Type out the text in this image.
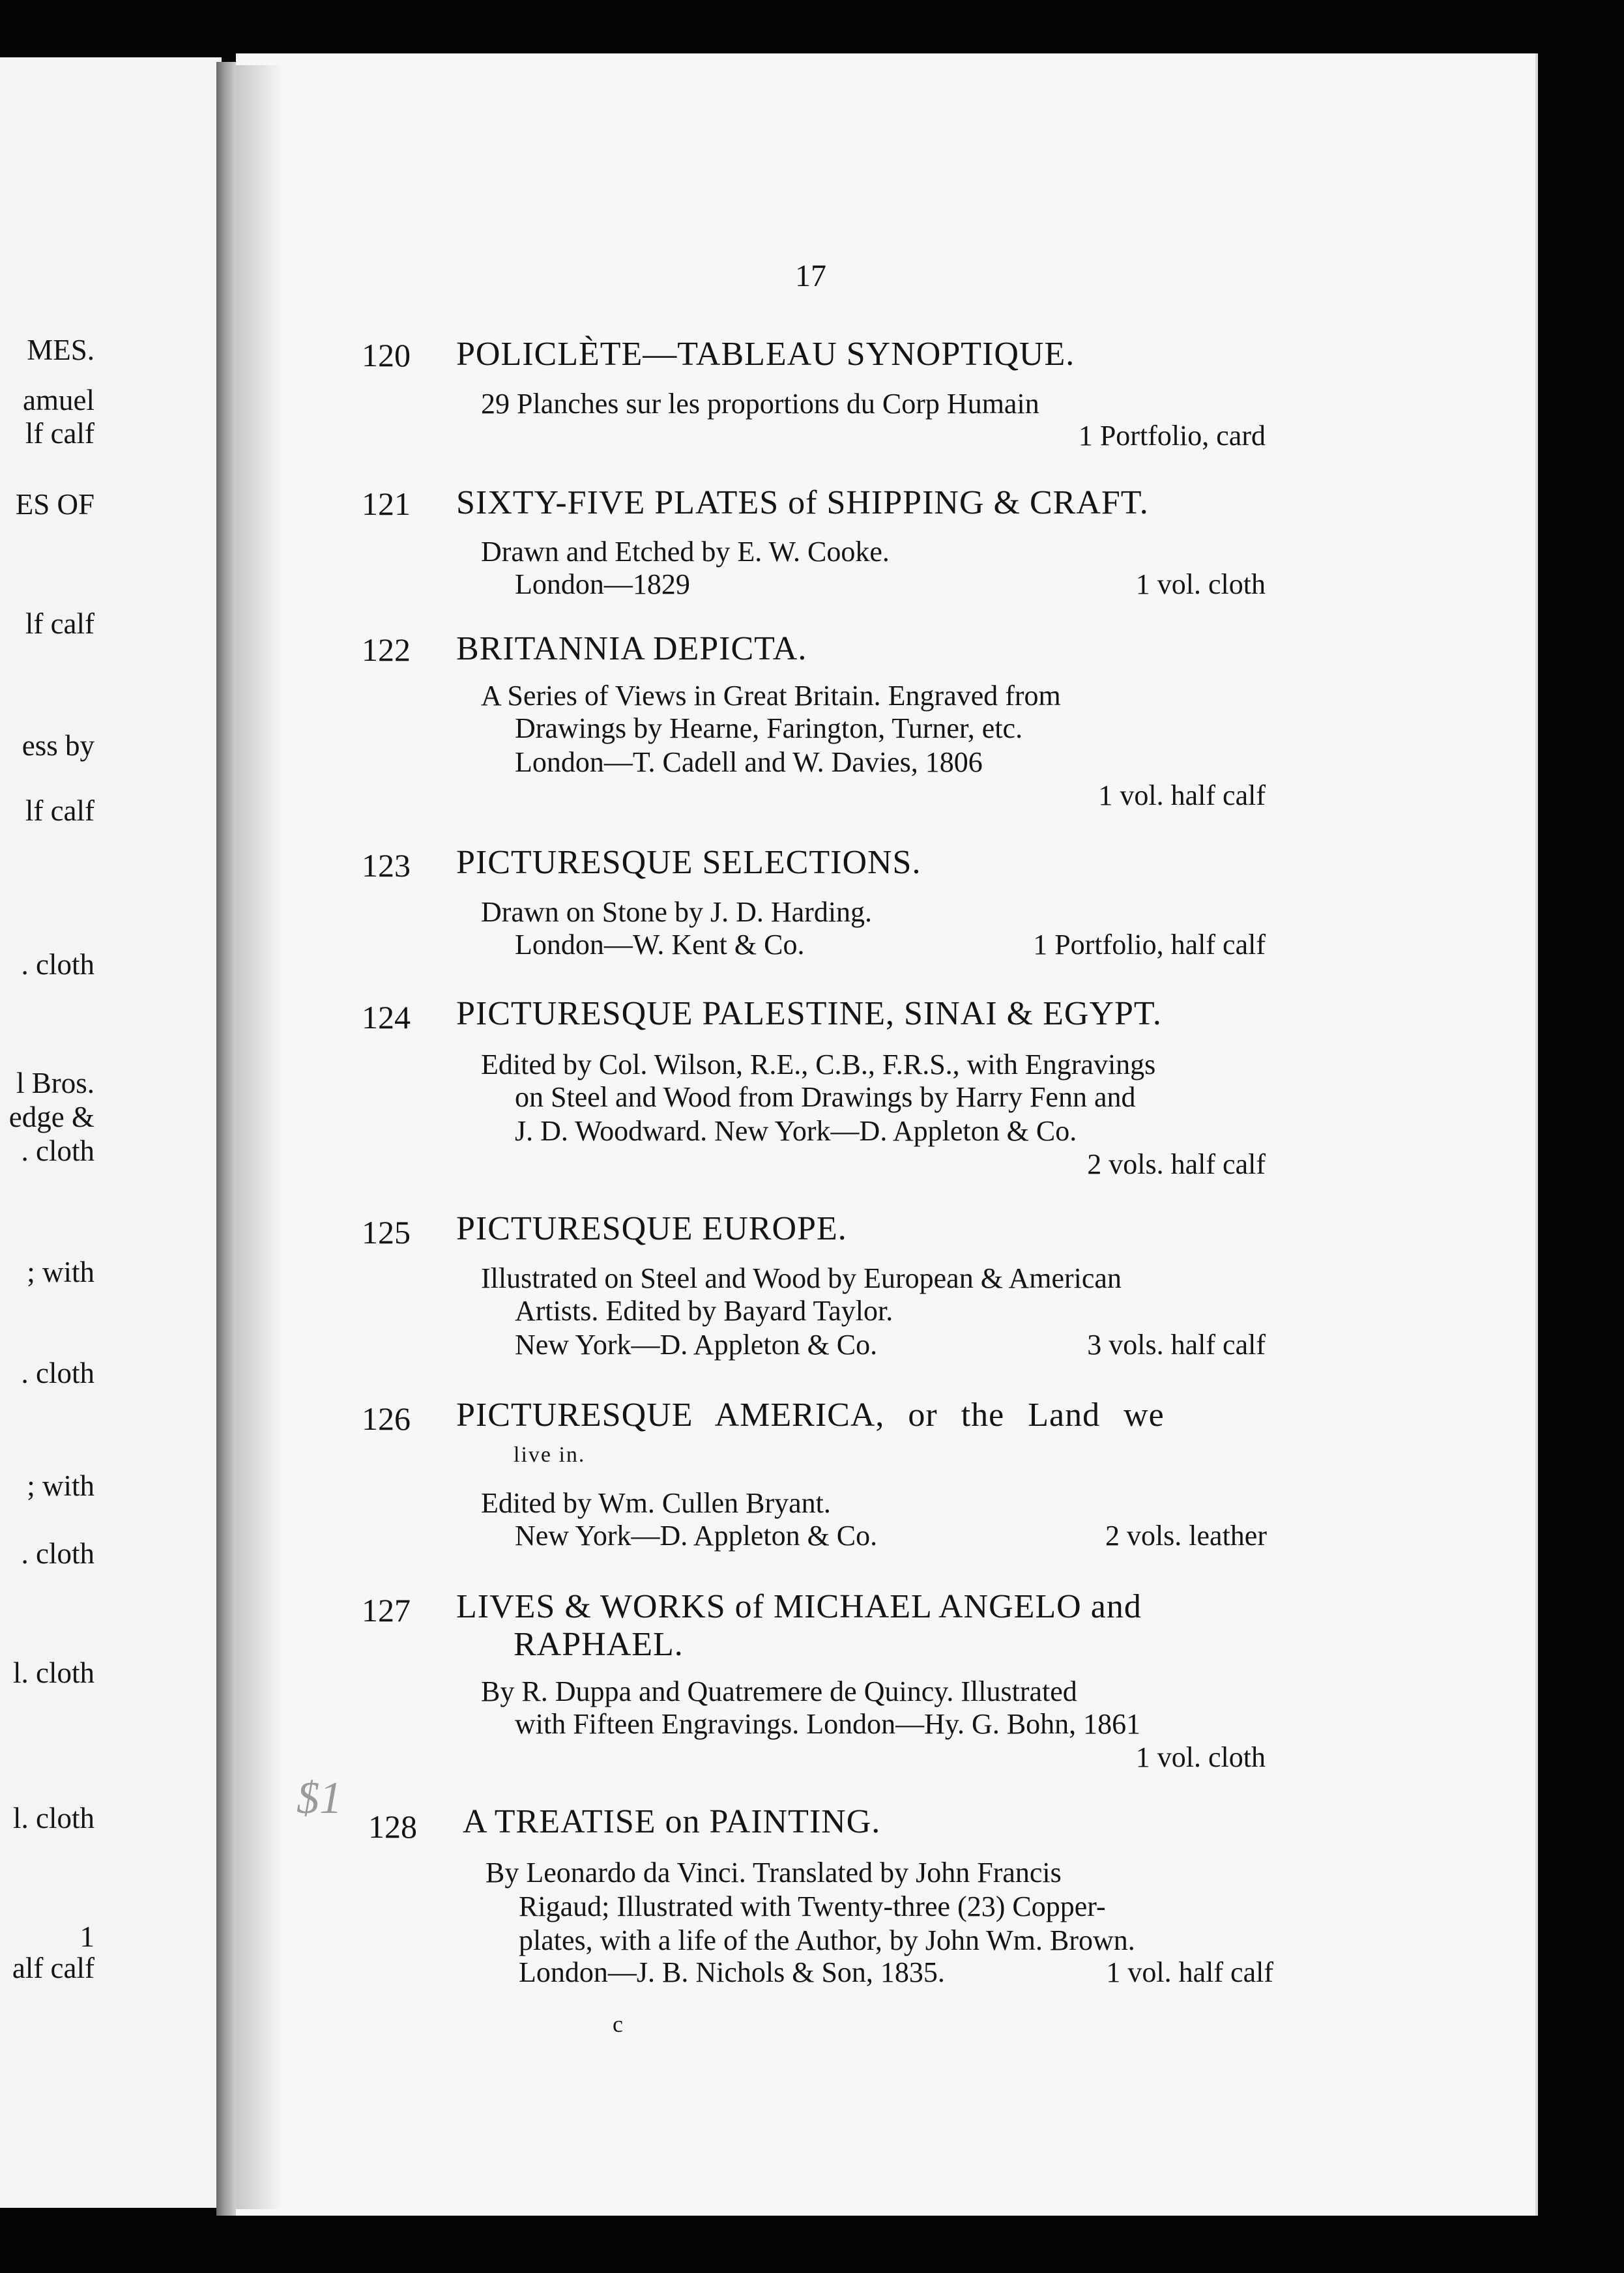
MES.
amuel
lf calf
ES OF
lf calf
ess by
lf calf
. cloth
l Bros.
edge &
. cloth
; with
. cloth
; with
. cloth
l. cloth
l. cloth
1
alf calf
17
120 POLICLÈTE—TABLEAU SYNOPTIQUE.
29 Planches sur les proportions du Corp Humain
1 Portfolio, card
121 SIXTY-FIVE PLATES of SHIPPING & CRAFT.
Drawn and Etched by E. W. Cooke.
London—1829	1 vol. cloth
122 BRITANNIA DEPICTA.
A Series of Views in Great Britain. Engraved from
Drawings by Hearne, Farington, Turner, etc.
London—T. Cadell and W. Davies, 1806
1 vol. half calf
123 PICTURESQUE SELECTIONS.
Drawn on Stone by J. D. Harding.
London—W. Kent & Co.	1 Portfolio, half calf
124 PICTURESQUE PALESTINE, SINAI & EGYPT.
Edited by Col. Wilson, R.E., C.B., F.R.S., with Engravings
on Steel and Wood from Drawings by Harry Fenn and
J. D. Woodward. New York—D. Appleton & Co.
2 vols. half calf
125 PICTURESQUE EUROPE.
Illustrated on Steel and Wood by European & American
Artists. Edited by Bayard Taylor.
New York—D. Appleton & Co.	3 vols. half calf
126 PICTURESQUE AMERICA, or the Land we
live in.
Edited by Wm. Cullen Bryant.
New York—D. Appleton & Co.	2 vols. leather
127 LIVES & WORKS of MICHAEL ANGELO and
RAPHAEL.
By R. Duppa and Quatremere de Quincy. Illustrated
with Fifteen Engravings. London—Hy. G. Bohn, 1861
1 vol. cloth
$1
128 A TREATISE on PAINTING.
By Leonardo da Vinci. Translated by John Francis
Rigaud; Illustrated with Twenty-three (23) Copper-
plates, with a life of the Author, by John Wm. Brown.
London—J. B. Nichols & Son, 1835.	1 vol. half calf
c
